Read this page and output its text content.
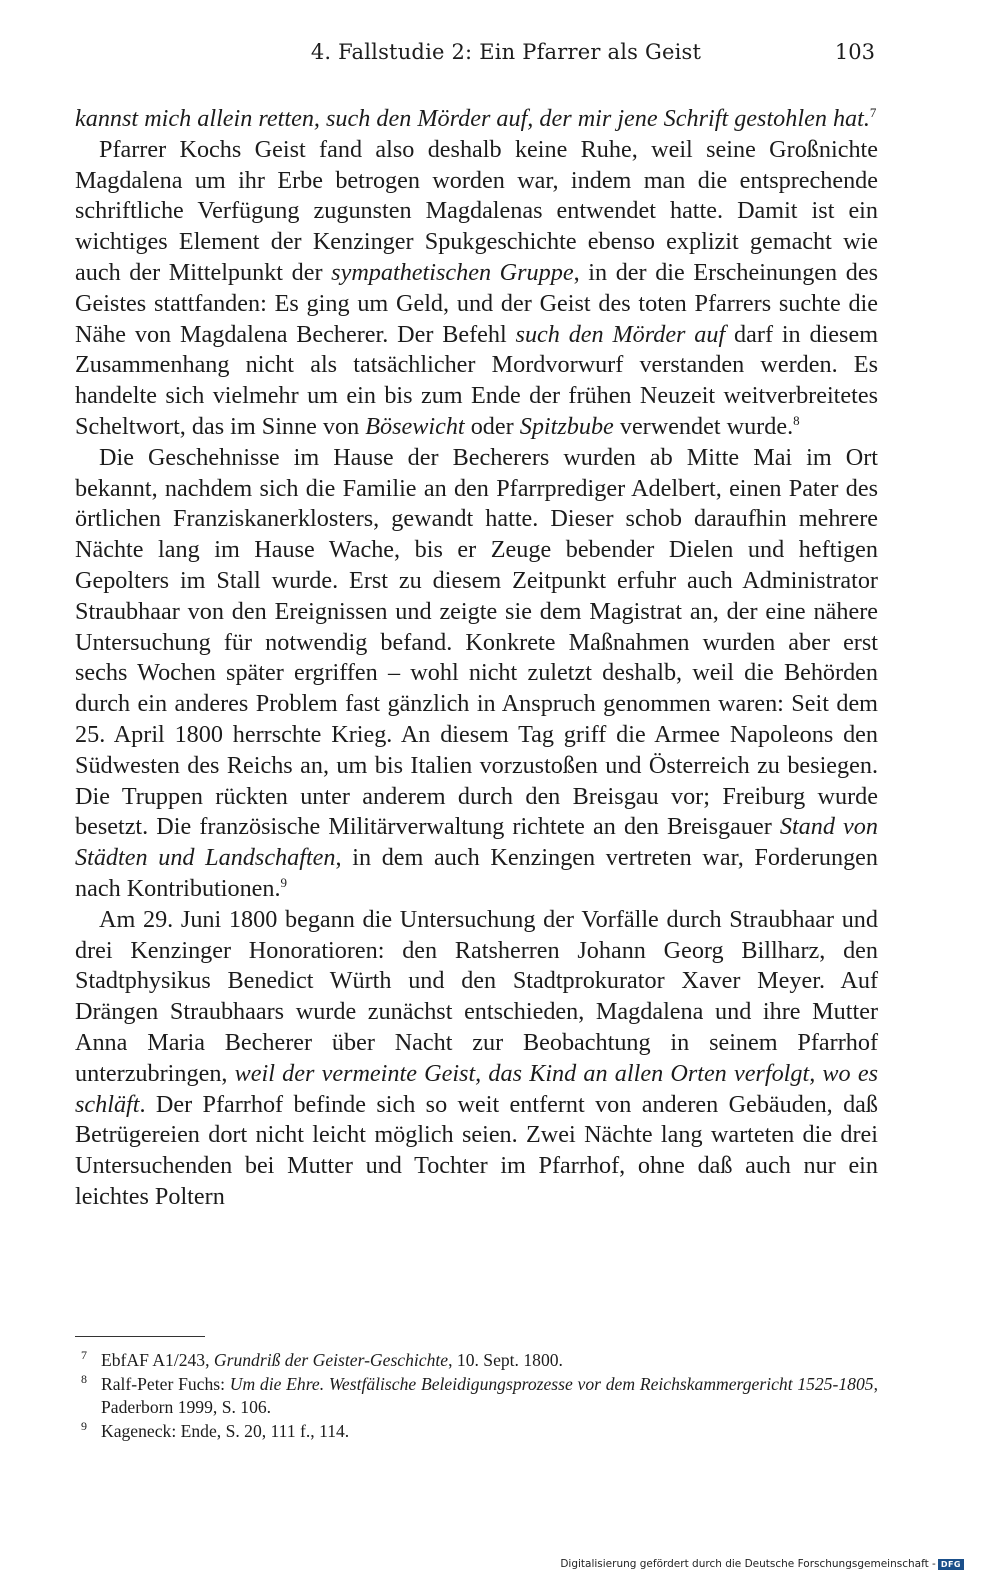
4. Fallstudie 2: Ein Pfarrer als Geist	103

kannst mich allein retten, such den Mörder auf, der mir jene Schrift gestohlen hat.$^7$

Pfarrer Kochs Geist fand also deshalb keine Ruhe, weil seine Großnichte Magdalena um ihr Erbe betrogen worden war, indem man die entsprechende schriftliche Verfügung zugunsten Magdalenas entwendet hatte. Damit ist ein wichtiges Element der Kenzinger Spukgeschichte ebenso explizit gemacht wie auch der Mittelpunkt der sympathetischen Gruppe, in der die Erscheinungen des Geistes stattfanden: Es ging um Geld, und der Geist des toten Pfarrers suchte die Nähe von Magdalena Becherer. Der Befehl such den Mörder auf darf in diesem Zusammenhang nicht als tatsächlicher Mordvorwurf verstanden werden. Es handelte sich vielmehr um ein bis zum Ende der frühen Neuzeit weitverbreitetes Scheltwort, das im Sinne von Bösewicht oder Spitzbube verwendet wurde.$^8$

Die Geschehnisse im Hause der Becherers wurden ab Mitte Mai im Ort bekannt, nachdem sich die Familie an den Pfarrprediger Adelbert, einen Pater des örtlichen Franziskanerklosters, gewandt hatte. Dieser schob daraufhin mehrere Nächte lang im Hause Wache, bis er Zeuge bebender Dielen und heftigen Gepolters im Stall wurde. Erst zu diesem Zeitpunkt erfuhr auch Administrator Straubhaar von den Ereignissen und zeigte sie dem Magistrat an, der eine nähere Untersuchung für notwendig befand. Konkrete Maßnahmen wurden aber erst sechs Wochen später ergriffen – wohl nicht zuletzt deshalb, weil die Behörden durch ein anderes Problem fast gänzlich in Anspruch genommen waren: Seit dem 25. April 1800 herrschte Krieg. An diesem Tag griff die Armee Napoleons den Südwesten des Reichs an, um bis Italien vorzustoßen und Österreich zu besiegen. Die Truppen rückten unter anderem durch den Breisgau vor; Freiburg wurde besetzt. Die französische Militärverwaltung richtete an den Breisgauer Stand von Städten und Landschaften, in dem auch Kenzingen vertreten war, Forderungen nach Kontributionen.$^9$

Am 29. Juni 1800 begann die Untersuchung der Vorfälle durch Straubhaar und drei Kenzinger Honoratioren: den Ratsherren Johann Georg Billharz, den Stadtphysikus Benedict Würth und den Stadtprokurator Xaver Meyer. Auf Drängen Straubhaars wurde zunächst entschieden, Magdalena und ihre Mutter Anna Maria Becherer über Nacht zur Beobachtung in seinem Pfarrhof unterzubringen, weil der vermeinte Geist, das Kind an allen Orten verfolgt, wo es schläft. Der Pfarrhof befinde sich so weit entfernt von anderen Gebäuden, daß Betrügereien dort nicht leicht möglich seien. Zwei Nächte lang warteten die drei Untersuchenden bei Mutter und Tochter im Pfarrhof, ohne daß auch nur ein leichtes Poltern

7 EbfAF A1/243, Grundriß der Geister-Geschichte, 10. Sept. 1800.
8 Ralf-Peter Fuchs: Um die Ehre. Westfälische Beleidigungsprozesse vor dem Reichskammergericht 1525-1805, Paderborn 1999, S. 106.
9 Kageneck: Ende, S. 20, 111 f., 114.
Digitalisierung gefördert durch die Deutsche Forschungsgemeinschaft - DFG
